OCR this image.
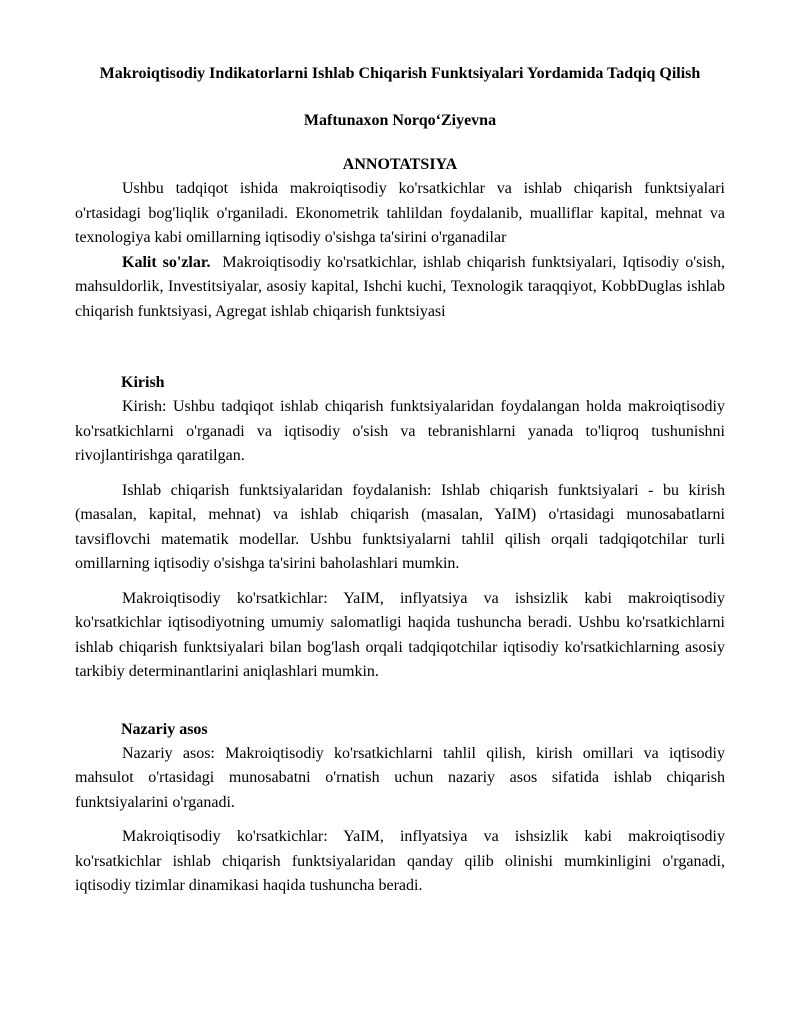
Makroiqtisodiy Indikatorlarni Ishlab Chiqarish Funktsiyalari Yordamida Tadqiq Qilish

Maftunaxon Norqo‘Ziyevna

ANNOTATSIYA

Ushbu tadqiqot ishida makroiqtisodiy ko'rsatkichlar va ishlab chiqarish funktsiyalari o'rtasidagi bog'liqlik o'rganiladi. Ekonometrik tahlildan foydalanib, mualliflar kapital, mehnat va texnologiya kabi omillarning iqtisodiy o'sishga ta'sirini o'rganadilar

Kalit so'zlar. Makroiqtisodiy ko'rsatkichlar, ishlab chiqarish funktsiyalari, Iqtisodiy o'sish, mahsuldorlik, Investitsiyalar, asosiy kapital, Ishchi kuchi, Texnologik taraqqiyot, KobbDuglas ishlab chiqarish funktsiyasi, Agregat ishlab chiqarish funktsiyasi

Kirish

Kirish: Ushbu tadqiqot ishlab chiqarish funktsiyalaridan foydalangan holda makroiqtisodiy ko'rsatkichlarni o'rganadi va iqtisodiy o'sish va tebranishlarni yanada to'liqroq tushunishni rivojlantirishga qaratilgan.

Ishlab chiqarish funktsiyalaridan foydalanish: Ishlab chiqarish funktsiyalari - bu kirish (masalan, kapital, mehnat) va ishlab chiqarish (masalan, YaIM) o'rtasidagi munosabatlarni tavsiflovchi matematik modellar. Ushbu funktsiyalarni tahlil qilish orqali tadqiqotchilar turli omillarning iqtisodiy o'sishga ta'sirini baholashlari mumkin.

Makroiqtisodiy ko'rsatkichlar: YaIM, inflyatsiya va ishsizlik kabi makroiqtisodiy ko'rsatkichlar iqtisodiyotning umumiy salomatligi haqida tushuncha beradi. Ushbu ko'rsatkichlarni ishlab chiqarish funktsiyalari bilan bog'lash orqali tadqiqotchilar iqtisodiy ko'rsatkichlarning asosiy tarkibiy determinantlarini aniqlashlari mumkin.

Nazariy asos

Nazariy asos: Makroiqtisodiy ko'rsatkichlarni tahlil qilish, kirish omillari va iqtisodiy mahsulot o'rtasidagi munosabatni o'rnatish uchun nazariy asos sifatida ishlab chiqarish funktsiyalarini o'rganadi.

Makroiqtisodiy ko'rsatkichlar: YaIM, inflyatsiya va ishsizlik kabi makroiqtisodiy ko'rsatkichlar ishlab chiqarish funktsiyalaridan qanday qilib olinishi mumkinligini o'rganadi, iqtisodiy tizimlar dinamikasi haqida tushuncha beradi.
